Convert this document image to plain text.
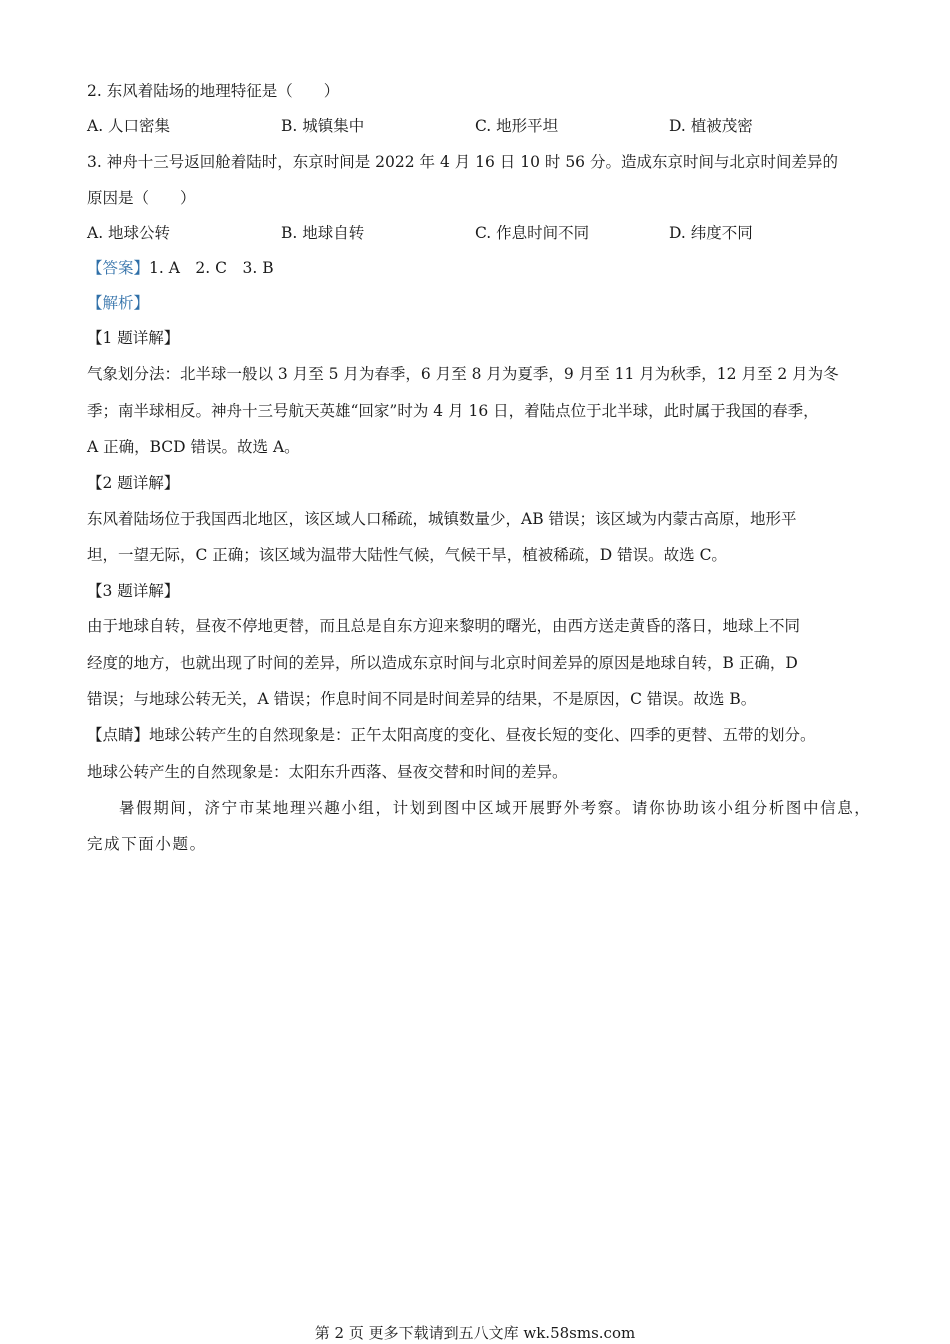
2. 东风着陆场的地理特征是（　　）
A. 人口密集	B. 城镇集中	C. 地形平坦	D. 植被茂密
3. 神舟十三号返回舱着陆时，东京时间是 2022 年 4 月 16 日 10 时 56 分。造成东京时间与北京时间差异的
原因是（　　）
A. 地球公转	B. 地球自转	C. 作息时间不同	D. 纬度不同
【答案】1. A　2. C　3. B
【解析】
【1 题详解】
气象划分法：北半球一般以 3 月至 5 月为春季，6 月至 8 月为夏季，9 月至 11 月为秋季，12 月至 2 月为冬
季；南半球相反。神舟十三号航天英雄“回家”时为 4 月 16 日，着陆点位于北半球，此时属于我国的春季，
A 正确，BCD 错误。故选 A。
【2 题详解】
东风着陆场位于我国西北地区，该区域人口稀疏，城镇数量少，AB 错误；该区域为内蒙古高原，地形平
坦，一望无际，C 正确；该区域为温带大陆性气候，气候干旱，植被稀疏，D 错误。故选 C。
【3 题详解】
由于地球自转，昼夜不停地更替，而且总是自东方迎来黎明的曙光，由西方送走黄昏的落日，地球上不同
经度的地方，也就出现了时间的差异，所以造成东京时间与北京时间差异的原因是地球自转，B 正确，D
错误；与地球公转无关，A 错误；作息时间不同是时间差异的结果，不是原因，C 错误。故选 B。
【点睛】地球公转产生的自然现象是：正午太阳高度的变化、昼夜长短的变化、四季的更替、五带的划分。
地球公转产生的自然现象是：太阳东升西落、昼夜交替和时间的差异。
暑假期间，济宁市某地理兴趣小组，计划到图中区域开展野外考察。请你协助该小组分析图中信息，
完成下面小题。
第 2 页 更多下载请到五八文库 wk.58sms.com
